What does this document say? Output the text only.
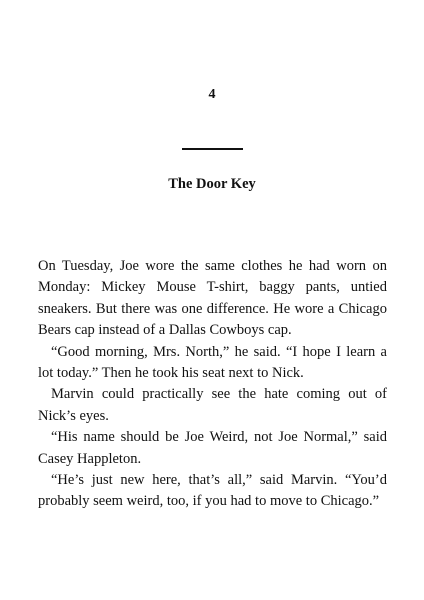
4
The Door Key

On Tuesday, Joe wore the same clothes he had worn on Monday: Mickey Mouse T-shirt, baggy pants, untied sneakers. But there was one difference. He wore a Chicago Bears cap instead of a Dallas Cowboys cap.

“Good morning, Mrs. North,” he said. “I hope I learn a lot today.” Then he took his seat next to Nick.

Marvin could practically see the hate coming out of Nick’s eyes.

“His name should be Joe Weird, not Joe Normal,” said Casey Happleton.

“He’s just new here, that’s all,” said Marvin. “You’d probably seem weird, too, if you had to move to Chicago.”
